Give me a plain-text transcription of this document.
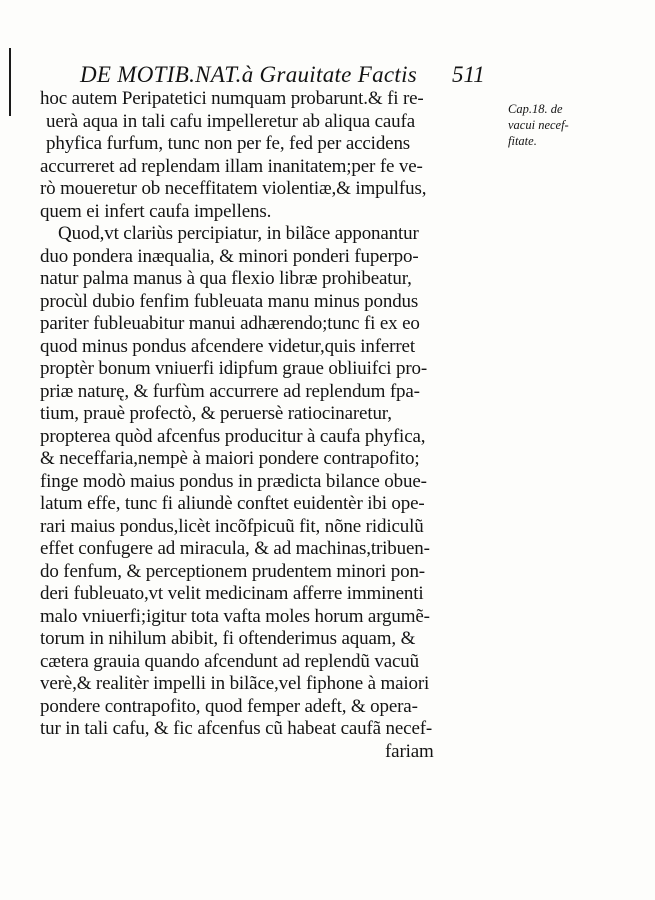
DE MOTIB.NAT.à Grauitate Factis	511
Cap.18. de
vacui necef-
fitate.
hoc autem Peripatetici numquam probarunt.& fi re-
uerà aqua in tali cafu impelleretur ab aliqua caufa
phyfica furfum, tunc non per fe, fed per accidens
accurreret ad replendam illam inanitatem;per fe ve-
rò moueretur ob neceffitatem violentiæ,& impulfus,
quem ei infert caufa impellens.
Quod,vt clariùs percipiatur, in bilãce apponantur
duo pondera inæqualia, & minori ponderi fuperpo-
natur palma manus à qua flexio libræ prohibeatur,
procùl dubio fenfim fubleuata manu minus pondus
pariter fubleuabitur manui adhærendo;tunc fi ex eo
quod minus pondus afcendere videtur,quis inferret
proptèr bonum vniuerfi idipfum graue obliuifci pro-
priæ naturę, & furfùm accurrere ad replendum fpa-
tium, prauè profectò, & peruersè ratiocinaretur,
propterea quòd afcenfus producitur à caufa phyfica,
& neceffaria,nempè à maiori pondere contrapofito;
finge modò maius pondus in prædicta bilance obue-
latum effe, tunc fi aliundè conftet euidentèr ibi ope-
rari maius pondus,licèt incõfpicuũ fit, nõne ridiculũ
effet confugere ad miracula, & ad machinas,tribuen-
do fenfum, & perceptionem prudentem minori pon-
deri fubleuato,vt velit medicinam afferre imminenti
malo vniuerfi;igitur tota vafta moles horum argumẽ-
torum in nihilum abibit, fi oftenderimus aquam, &
cætera grauia quando afcendunt ad replendũ vacuũ
verè,& realitèr impelli in bilãce,vel fiphone à maiori
pondere contrapofito, quod femper adeft, & opera-
tur in tali cafu, & fic afcenfus cũ habeat caufã necef-
fariam
